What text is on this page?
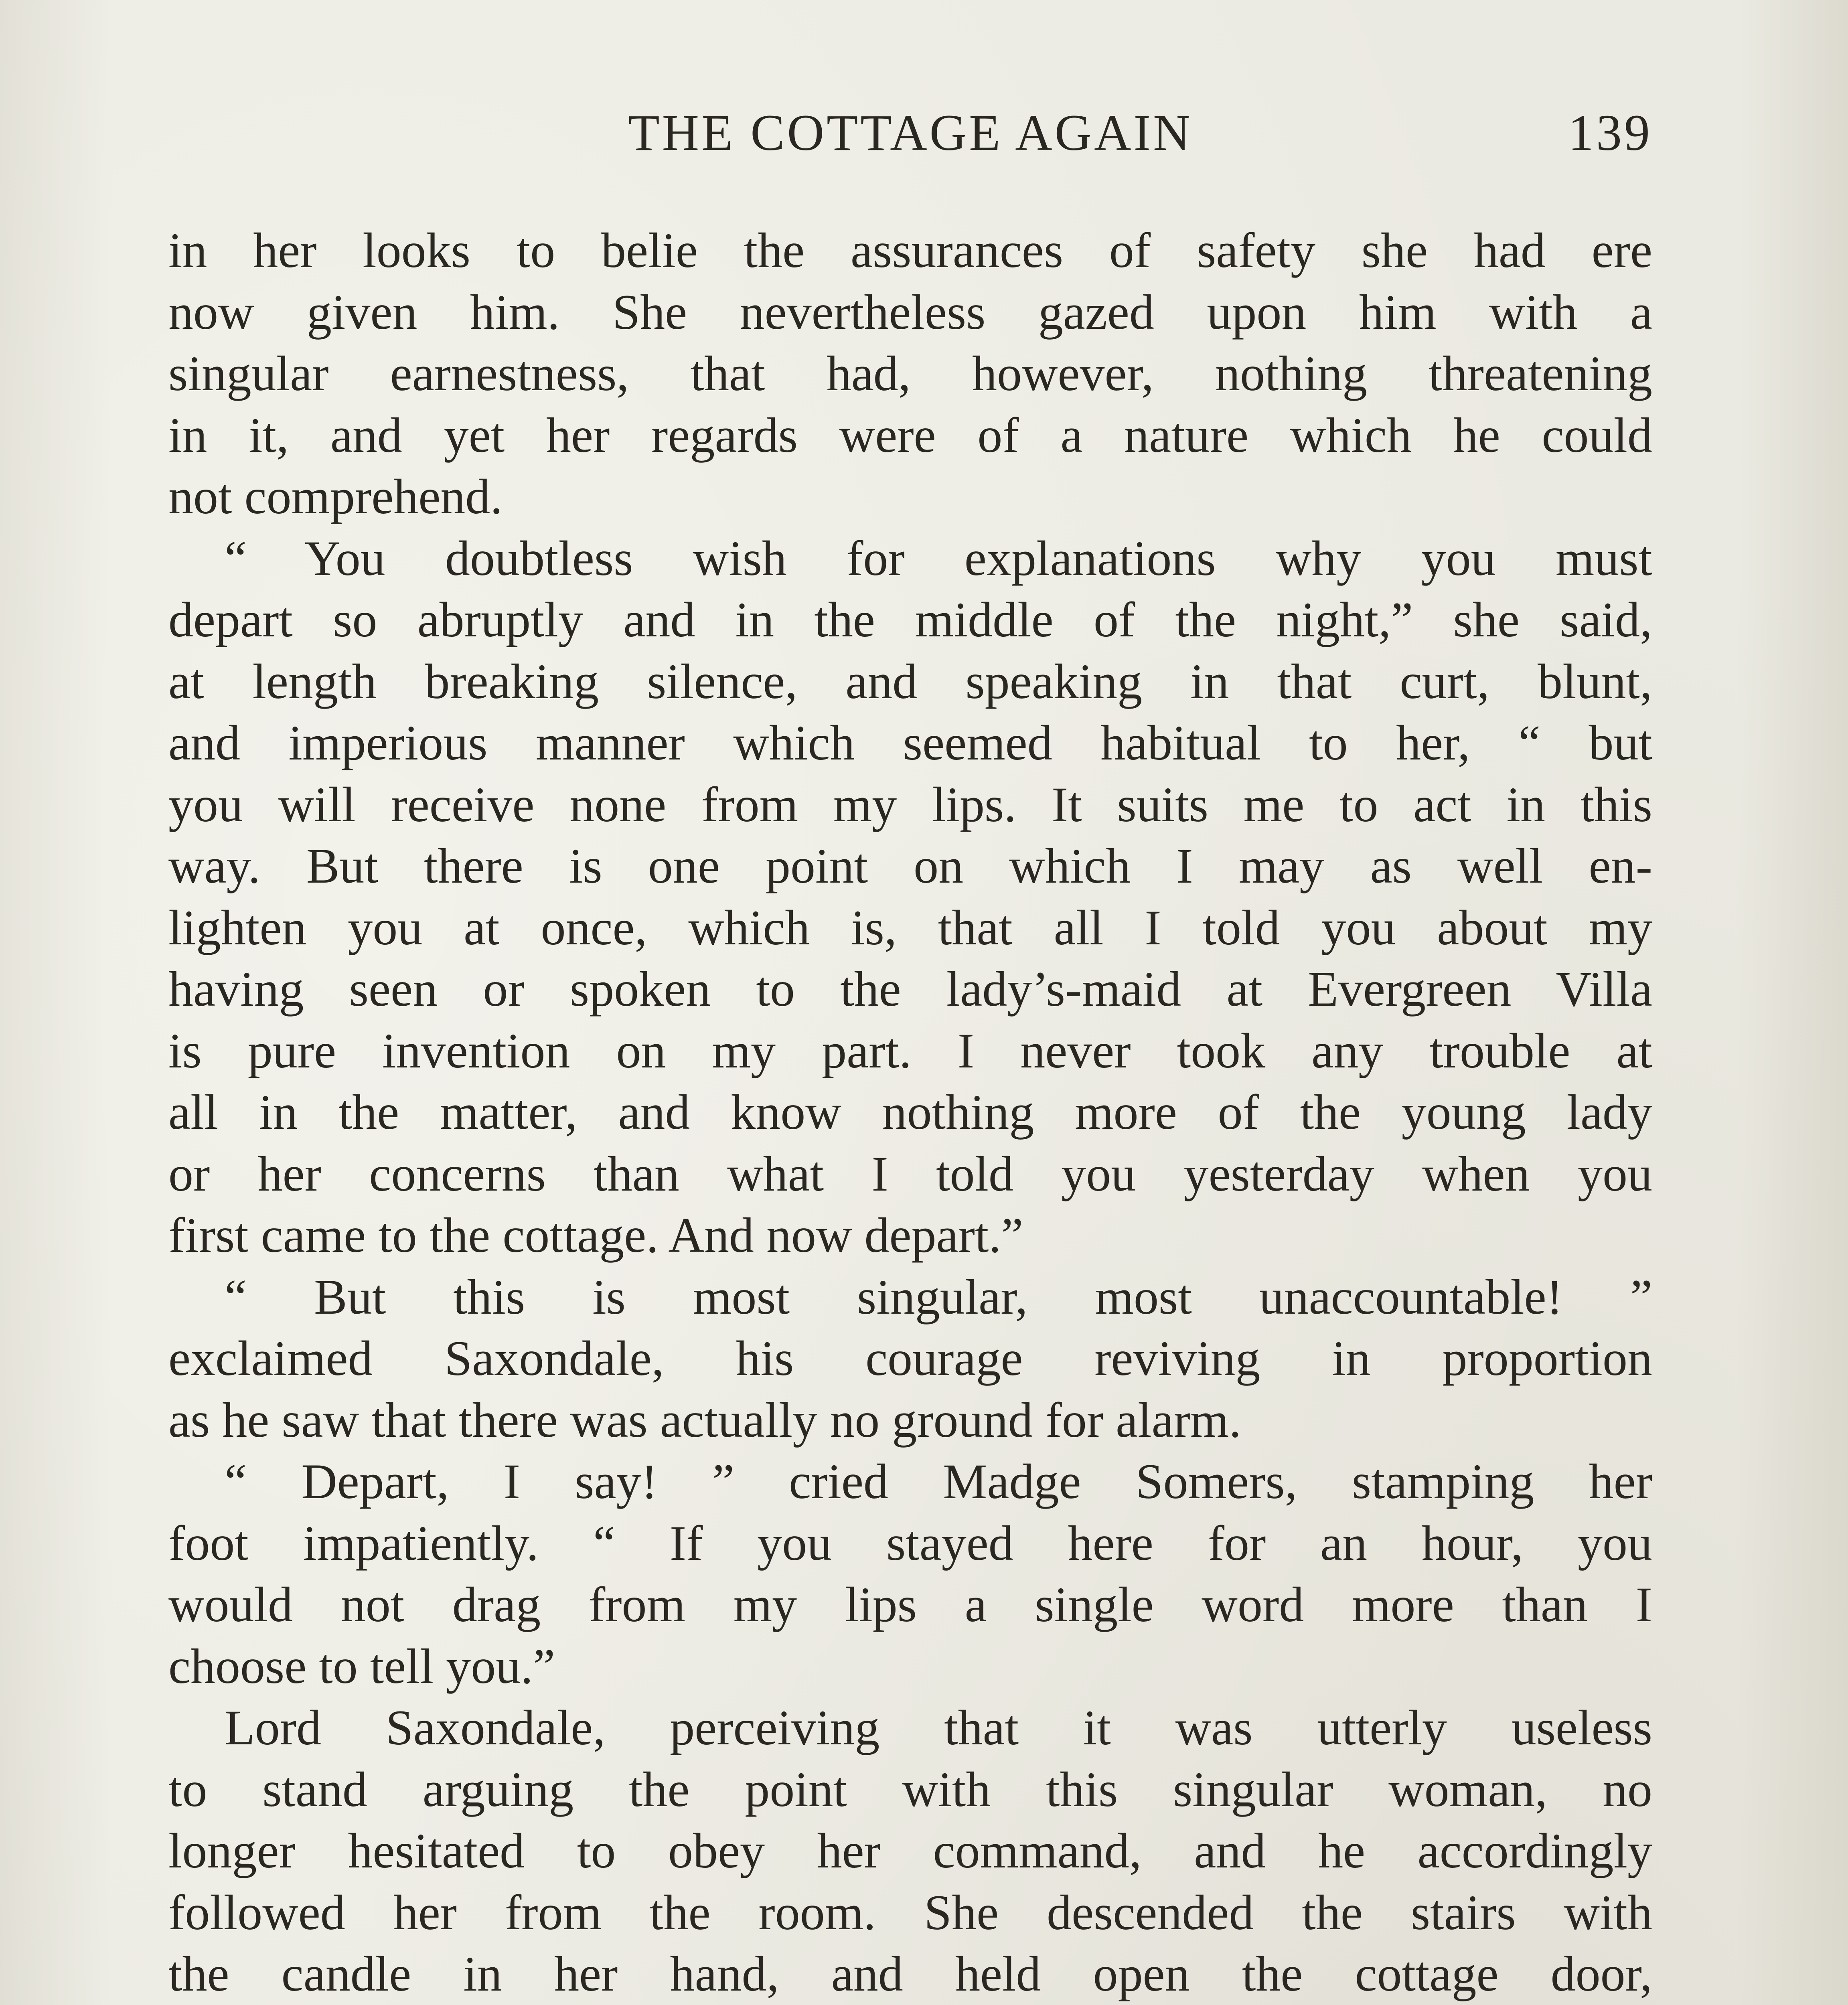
THE COTTAGE AGAIN	139
in her looks to belie the assurances of safety she had ere
now given him. She nevertheless gazed upon him with a
singular earnestness, that had, however, nothing threatening
in it, and yet her regards were of a nature which he could
not comprehend.
“ You doubtless wish for explanations why you must
depart so abruptly and in the middle of the night,” she said,
at length breaking silence, and speaking in that curt, blunt,
and imperious manner which seemed habitual to her, “ but
you will receive none from my lips. It suits me to act in this
way. But there is one point on which I may as well en-
lighten you at once, which is, that all I told you about my
having seen or spoken to the lady’s-maid at Evergreen Villa
is pure invention on my part. I never took any trouble at
all in the matter, and know nothing more of the young lady
or her concerns than what I told you yesterday when you
first came to the cottage. And now depart.”
“ But this is most singular, most unaccountable! ”
exclaimed Saxondale, his courage reviving in proportion
as he saw that there was actually no ground for alarm.
“ Depart, I say! ” cried Madge Somers, stamping her
foot impatiently. “ If you stayed here for an hour, you
would not drag from my lips a single word more than I
choose to tell you.”
Lord Saxondale, perceiving that it was utterly useless
to stand arguing the point with this singular woman, no
longer hesitated to obey her command, and he accordingly
followed her from the room. She descended the stairs with
the candle in her hand, and held open the cottage door,
